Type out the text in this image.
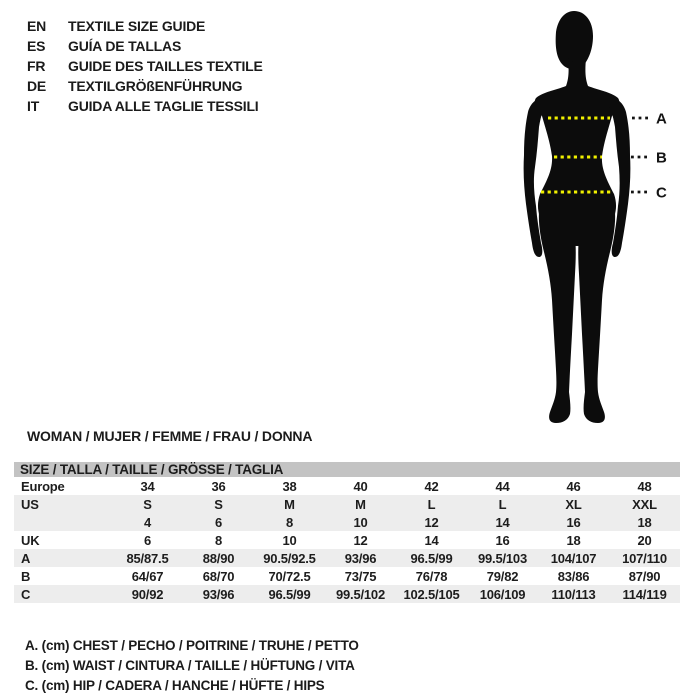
EN TEXTILE SIZE GUIDE
ES GUÍA DE TALLAS
FR GUIDE DES TAILLES TEXTILE
DE TEXTILGRÖßENFÜHRUNG
IT GUIDA ALLE TAGLIE TESSILI
A
B
C
WOMAN / MUJER / FEMME / FRAU / DONNA
SIZE / TALLA / TAILLE / GRÖSSE / TAGLIA								
Europe	34	36	38	40	42	44	46	48
US	S	S	M	M	L	L	XL	XXL
	4	6	8	10	12	14	16	18
UK	6	8	10	12	14	16	18	20
A	85/87.5	88/90	90.5/92.5	93/96	96.5/99	99.5/103	104/107	107/110
B	64/67	68/70	70/72.5	73/75	76/78	79/82	83/86	87/90
C	90/92	93/96	96.5/99	99.5/102	102.5/105	106/109	110/113	114/119
A. (cm) CHEST / PECHO / POITRINE / TRUHE / PETTO
B. (cm) WAIST / CINTURA / TAILLE / HÜFTUNG / VITA
C. (cm) HIP / CADERA / HANCHE / HÜFTE / HIPS
